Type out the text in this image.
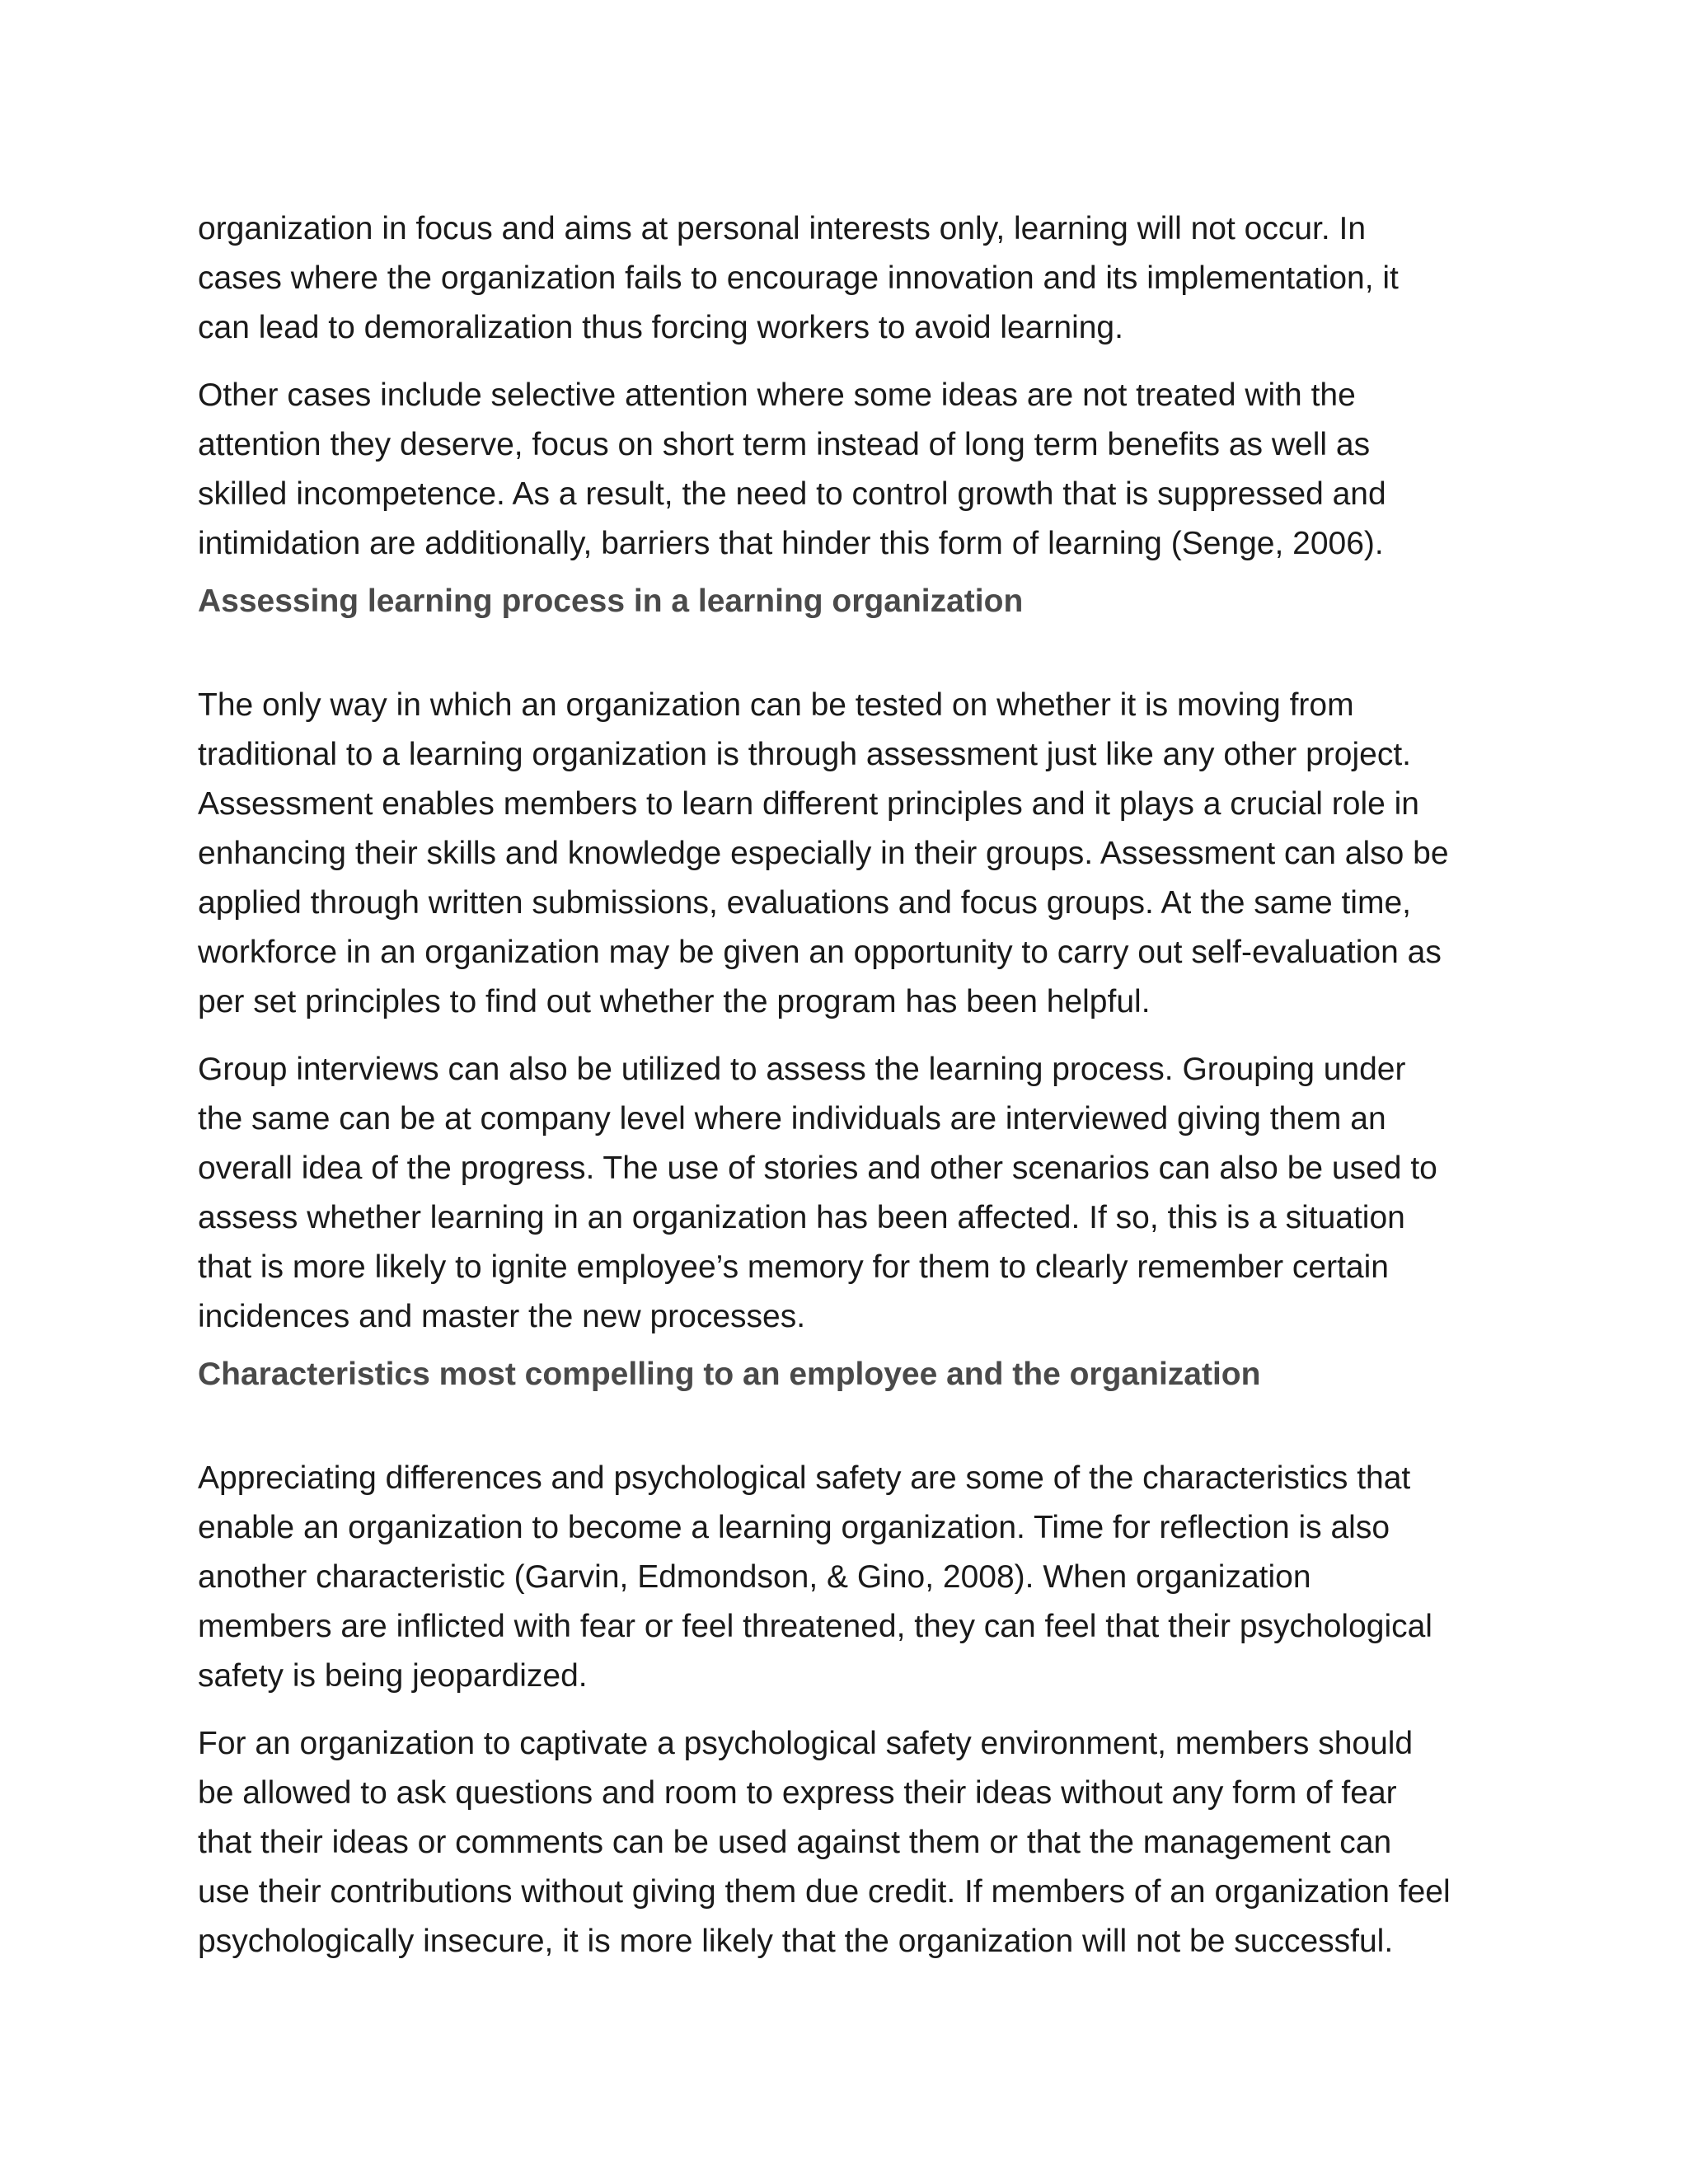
organization in focus and aims at personal interests only, learning will not occur. In
cases where the organization fails to encourage innovation and its implementation, it
can lead to demoralization thus forcing workers to avoid learning.

Other cases include selective attention where some ideas are not treated with the
attention they deserve, focus on short term instead of long term benefits as well as
skilled incompetence. As a result, the need to control growth that is suppressed and
intimidation are additionally, barriers that hinder this form of learning (Senge, 2006).

Assessing learning process in a learning organization

The only way in which an organization can be tested on whether it is moving from
traditional to a learning organization is through assessment just like any other project.
Assessment enables members to learn different principles and it plays a crucial role in
enhancing their skills and knowledge especially in their groups. Assessment can also be
applied through written submissions, evaluations and focus groups. At the same time,
workforce in an organization may be given an opportunity to carry out self-evaluation as
per set principles to find out whether the program has been helpful.

Group interviews can also be utilized to assess the learning process. Grouping under
the same can be at company level where individuals are interviewed giving them an
overall idea of the progress. The use of stories and other scenarios can also be used to
assess whether learning in an organization has been affected. If so, this is a situation
that is more likely to ignite employee’s memory for them to clearly remember certain
incidences and master the new processes.

Characteristics most compelling to an employee and the organization

Appreciating differences and psychological safety are some of the characteristics that
enable an organization to become a learning organization. Time for reflection is also
another characteristic (Garvin, Edmondson, & Gino, 2008). When organization
members are inflicted with fear or feel threatened, they can feel that their psychological
safety is being jeopardized.

For an organization to captivate a psychological safety environment, members should
be allowed to ask questions and room to express their ideas without any form of fear
that their ideas or comments can be used against them or that the management can
use their contributions without giving them due credit. If members of an organization feel
psychologically insecure, it is more likely that the organization will not be successful.
